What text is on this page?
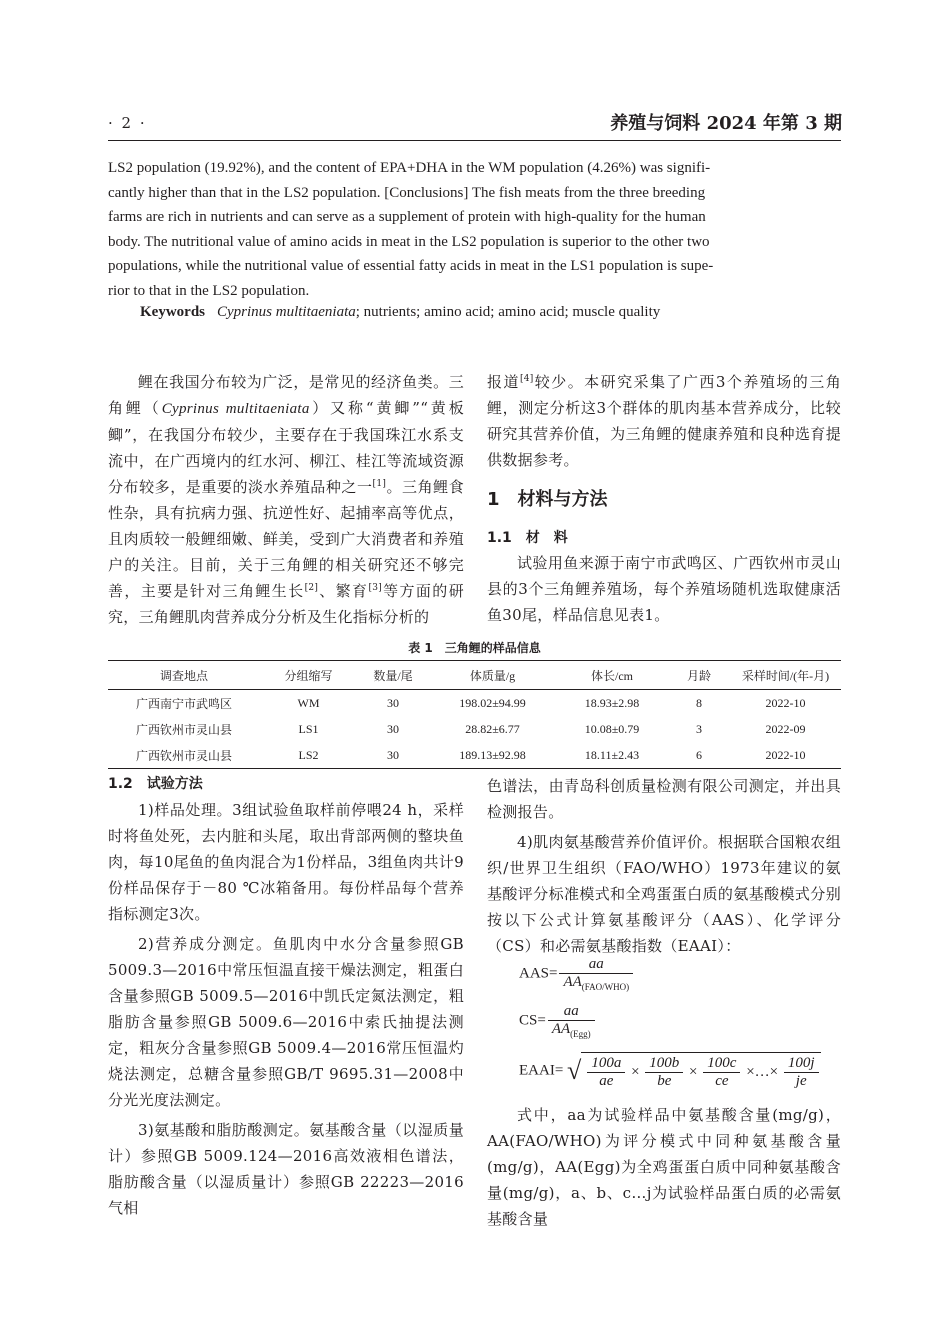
· 2 ·	养殖与饲料 2024 年第 3 期

LS2 population (19.92%), and the content of EPA+DHA in the WM population (4.26%) was signifi-

cantly higher than that in the LS2 population. [Conclusions] The fish meats from the three breeding

farms are rich in nutrients and can serve as a supplement of protein with high-quality for the human

body. The nutritional value of amino acids in meat in the LS2 population is superior to the other two

populations, while the nutritional value of essential fatty acids in meat in the LS1 population is supe-

rior to that in the LS2 population.

Keywords Cyprinus multitaeniata; nutrients; amino acid; amino acid; muscle quality

鲤在我国分布较为广泛，是常见的经济鱼类。三角鲤（Cyprinus multitaeniata）又称“黄鲫”“黄板鲫”，在我国分布较少，主要存在于我国珠江水系支流中，在广西境内的红水河、柳江、桂江等流域资源分布较多，是重要的淡水养殖品种之一[1]。三角鲤食性杂，具有抗病力强、抗逆性好、起捕率高等优点，且肉质较一般鲤细嫩、鲜美，受到广大消费者和养殖户的关注。目前，关于三角鲤的相关研究还不够完善，主要是针对三角鲤生长[2]、繁育[3]等方面的研究，三角鲤肌肉营养成分分析及生化指标分析的

报道[4]较少。本研究采集了广西3个养殖场的三角鲤，测定分析这3个群体的肌肉基本营养成分，比较研究其营养价值，为三角鲤的健康养殖和良种选育提供数据参考。

1　材料与方法
1.1　材　料

试验用鱼来源于南宁市武鸣区、广西钦州市灵山县的3个三角鲤养殖场，每个养殖场随机选取健康活鱼30尾，样品信息见表1。

表 1　三角鲤的样品信息
调查地点	分组缩写	数量/尾	体质量/g	体长/cm	月龄	采样时间/(年-月)
广西南宁市武鸣区	WM	30	198.02±94.99	18.93±2.98	8	2022-10
广西钦州市灵山县	LS1	30	28.82±6.77	10.08±0.79	3	2022-09
广西钦州市灵山县	LS2	30	189.13±92.98	18.11±2.43	6	2022-10
1.2　试验方法

1)样品处理。3组试验鱼取样前停喂24 h，采样时将鱼处死，去内脏和头尾，取出背部两侧的整块鱼肉，每10尾鱼的鱼肉混合为1份样品，3组鱼肉共计9份样品保存于－80 ℃冰箱备用。每份样品每个营养指标测定3次。

2)营养成分测定。鱼肌肉中水分含量参照GB 5009.3—2016中常压恒温直接干燥法测定，粗蛋白含量参照GB 5009.5—2016中凯氏定氮法测定，粗脂肪含量参照GB 5009.6—2016中索氏抽提法测定，粗灰分含量参照GB 5009.4—2016常压恒温灼烧法测定，总糖含量参照GB/T 9695.31—2008中分光光度法测定。

3)氨基酸和脂肪酸测定。氨基酸含量（以湿质量计）参照GB 5009.124—2016高效液相色谱法，脂肪酸含量（以湿质量计）参照GB 22223—2016气相

色谱法，由青岛科创质量检测有限公司测定，并出具检测报告。

4)肌肉氨基酸营养价值评价。根据联合国粮农组织/世界卫生组织（FAO/WHO）1973年建议的氨基酸评分标准模式和全鸡蛋蛋白质的氨基酸模式分别按以下公式计算氨基酸评分（AAS）、化学评分（CS）和必需氨基酸指数（EAAI）：

$AAS= \frac{aa}{AA_{(FAO/WHO)}}$
$CS= \frac{aa}{AA_{(Egg)}}$
EAAI= √ $\frac{100a}{ae} \times \frac{100b}{be} \times \frac{100c}{ce}$ ×…× $\frac{100j}{je}$

式中，aa为试验样品中氨基酸含量(mg/g)，AA(FAO/WHO)为评分模式中同种氨基酸含量(mg/g)，AA(Egg)为全鸡蛋蛋白质中同种氨基酸含量(mg/g)，a、b、c…j为试验样品蛋白质的必需氨基酸含量
